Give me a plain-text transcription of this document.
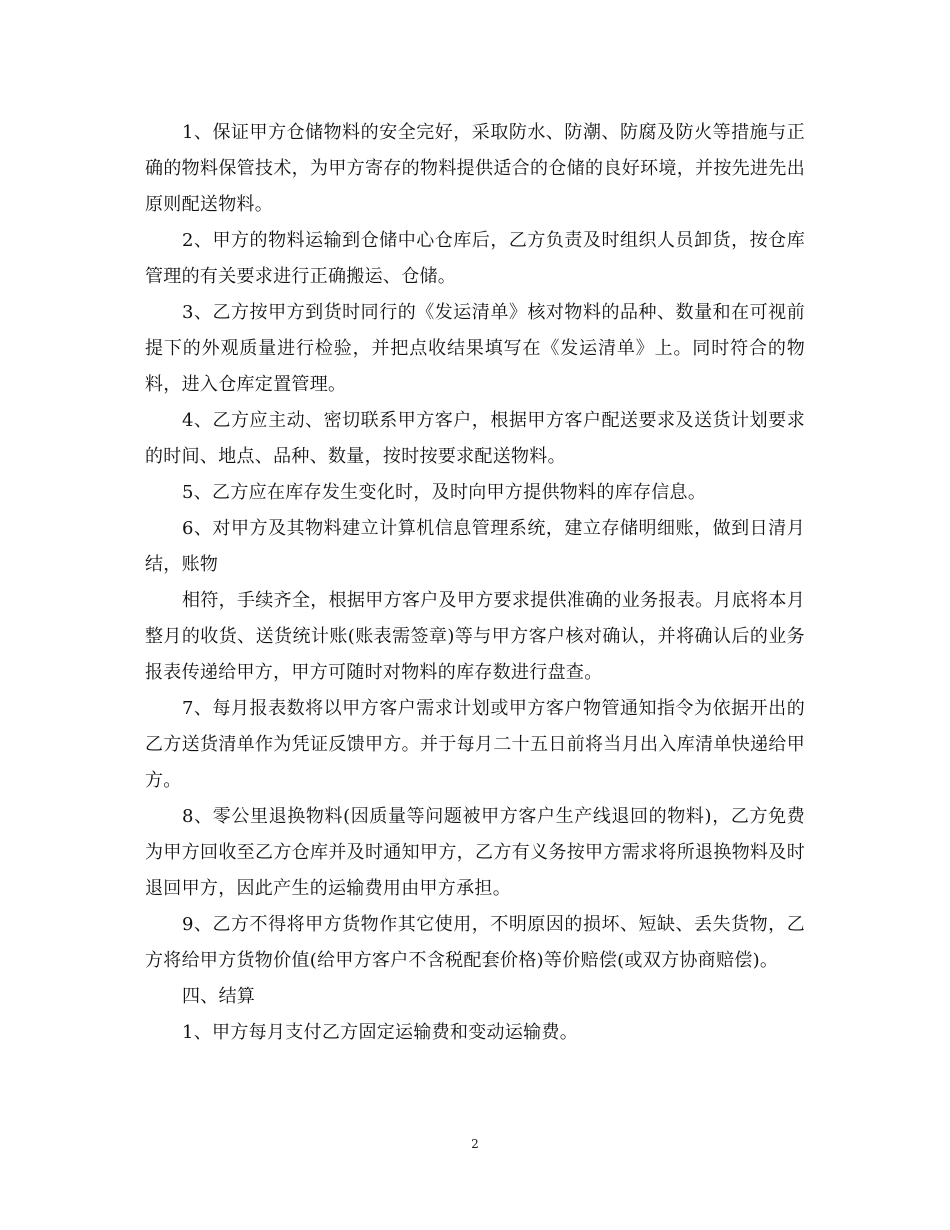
1、保证甲方仓储物料的安全完好，采取防水、防潮、防腐及防火等措施与正确的物料保管技术，为甲方寄存的物料提供适合的仓储的良好环境，并按先进先出原则配送物料。

2、甲方的物料运输到仓储中心仓库后，乙方负责及时组织人员卸货，按仓库管理的有关要求进行正确搬运、仓储。

3、乙方按甲方到货时同行的《发运清单》核对物料的品种、数量和在可视前提下的外观质量进行检验，并把点收结果填写在《发运清单》上。同时符合的物料，进入仓库定置管理。

4、乙方应主动、密切联系甲方客户，根据甲方客户配送要求及送货计划要求的时间、地点、品种、数量，按时按要求配送物料。

5、乙方应在库存发生变化时，及时向甲方提供物料的库存信息。

6、对甲方及其物料建立计算机信息管理系统，建立存储明细账，做到日清月结，账物

相符，手续齐全，根据甲方客户及甲方要求提供准确的业务报表。月底将本月整月的收货、送货统计账(账表需签章)等与甲方客户核对确认，并将确认后的业务报表传递给甲方，甲方可随时对物料的库存数进行盘查。

7、每月报表数将以甲方客户需求计划或甲方客户物管通知指令为依据开出的乙方送货清单作为凭证反馈甲方。并于每月二十五日前将当月出入库清单快递给甲方。

8、零公里退换物料(因质量等问题被甲方客户生产线退回的物料)，乙方免费为甲方回收至乙方仓库并及时通知甲方，乙方有义务按甲方需求将所退换物料及时退回甲方，因此产生的运输费用由甲方承担。

9、乙方不得将甲方货物作其它使用，不明原因的损坏、短缺、丢失货物，乙方将给甲方货物价值(给甲方客户不含税配套价格)等价赔偿(或双方协商赔偿)。

四、结算

1、甲方每月支付乙方固定运输费和变动运输费。

2
